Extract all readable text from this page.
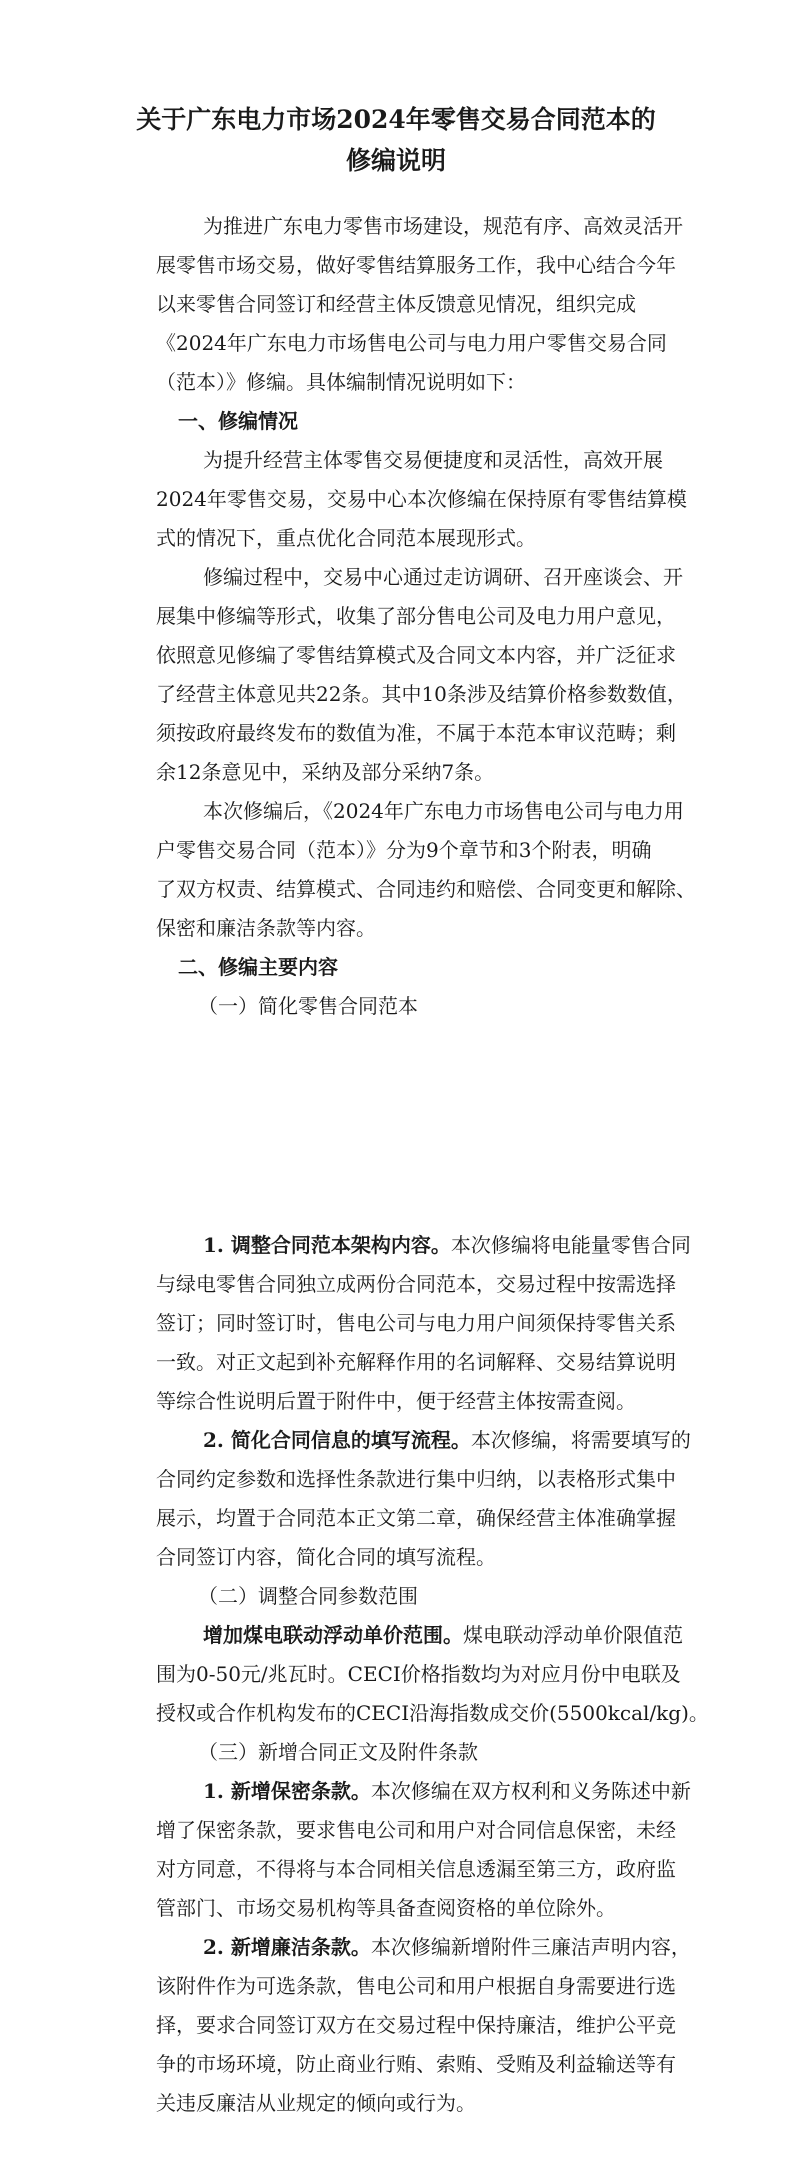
关于广东电力市场2024年零售交易合同范本的
修编说明
为推进广东电力零售市场建设，规范有序、高效灵活开
展零售市场交易，做好零售结算服务工作，我中心结合今年
以来零售合同签订和经营主体反馈意见情况，组织完成
《2024年广东电力市场售电公司与电力用户零售交易合同
（范本）》修编。具体编制情况说明如下：
一、修编情况
为提升经营主体零售交易便捷度和灵活性，高效开展
2024年零售交易，交易中心本次修编在保持原有零售结算模
式的情况下，重点优化合同范本展现形式。
修编过程中，交易中心通过走访调研、召开座谈会、开
展集中修编等形式，收集了部分售电公司及电力用户意见，
依照意见修编了零售结算模式及合同文本内容，并广泛征求
了经营主体意见共22条。其中10条涉及结算价格参数数值，
须按政府最终发布的数值为准，不属于本范本审议范畴；剩
余12条意见中，采纳及部分采纳7条。
本次修编后，《2024年广东电力市场售电公司与电力用
户零售交易合同（范本）》分为9个章节和3个附表，明确
了双方权责、结算模式、合同违约和赔偿、合同变更和解除、
保密和廉洁条款等内容。
二、修编主要内容
（一）简化零售合同范本
1. 调整合同范本架构内容。本次修编将电能量零售合同
与绿电零售合同独立成两份合同范本，交易过程中按需选择
签订；同时签订时，售电公司与电力用户间须保持零售关系
一致。对正文起到补充解释作用的名词解释、交易结算说明
等综合性说明后置于附件中，便于经营主体按需查阅。
2. 简化合同信息的填写流程。本次修编，将需要填写的
合同约定参数和选择性条款进行集中归纳，以表格形式集中
展示，均置于合同范本正文第二章，确保经营主体准确掌握
合同签订内容，简化合同的填写流程。
（二）调整合同参数范围
增加煤电联动浮动单价范围。煤电联动浮动单价限值范
围为0-50元/兆瓦时。CECI价格指数均为对应月份中电联及
授权或合作机构发布的CECI沿海指数成交价(5500kcal/kg)。
（三）新增合同正文及附件条款
1. 新增保密条款。本次修编在双方权利和义务陈述中新
增了保密条款，要求售电公司和用户对合同信息保密，未经
对方同意，不得将与本合同相关信息透漏至第三方，政府监
管部门、市场交易机构等具备查阅资格的单位除外。
2. 新增廉洁条款。本次修编新增附件三廉洁声明内容，
该附件作为可选条款，售电公司和用户根据自身需要进行选
择，要求合同签订双方在交易过程中保持廉洁，维护公平竞
争的市场环境，防止商业行贿、索贿、受贿及利益输送等有
关违反廉洁从业规定的倾向或行为。
